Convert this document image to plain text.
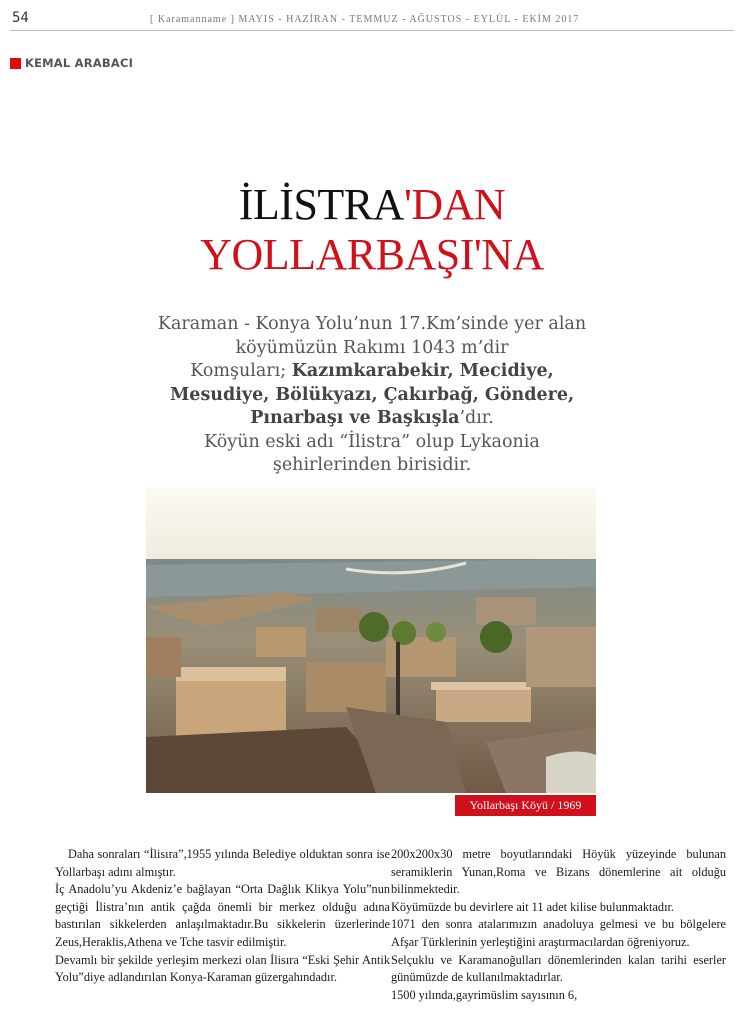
54	[ Karamanname ] MAYIS - HAZİRAN - TEMMUZ - AĞUSTOS - EYLÜL - EKİM 2017
KEMAL ARABACI
İLİSTRA'DAN
YOLLARBAŞI'NA
Karaman - Konya Yolu’nun 17.Km’sinde yer alan
köyümüzün Rakımı 1043 m’dir
Komşuları; Kazımkarabekir, Mecidiye,
Mesudiye, Bölükyazı, Çakırbağ, Göndere,
Pınarbaşı ve Başkışla’dır.
Köyün eski adı “İlistra” olup Lykaonia
şehirlerinden birisidir.
Yollarbaşı Köyü / 1969

Daha sonraları “İlisıra”,1955 yılında Belediye olduktan sonra ise Yollarbaşı adını almıştır.

İç Anadolu’yu Akdeniz’e bağlayan “Orta Dağlık Klikya Yolu”nun geçtiği İlistra’nın antik çağda önemli bir merkez olduğu adına bastırılan sikkelerden anlaşılmaktadır.Bu sikkelerin üzerlerinde Zeus,Heraklis,Athena ve Tche tasvir edilmiştir.

Devamlı bir şekilde yerleşim merkezi olan İlisıra “Eski Şehir Antik Yolu”diye adlandırılan Konya-Karaman güzergahındadır.

200x200x30 metre boyutlarındaki Höyük yüzeyinde bulunan seramiklerin Yunan,Roma ve Bizans dönemlerine ait olduğu bilinmektedir.

Köyümüzde bu devirlere ait 11 adet kilise bulunmaktadır.

1071 den sonra atalarımızın anadoluya gelmesi ve bu bölgelere Afşar Türklerinin yerleştiğini araştırmacılardan öğreniyoruz.

Selçuklu ve Karamanoğulları dönemlerinden kalan tarihi eserler günümüzde de kullanılmaktadırlar.

1500 yılında,gayrimüslim sayısının 6,
